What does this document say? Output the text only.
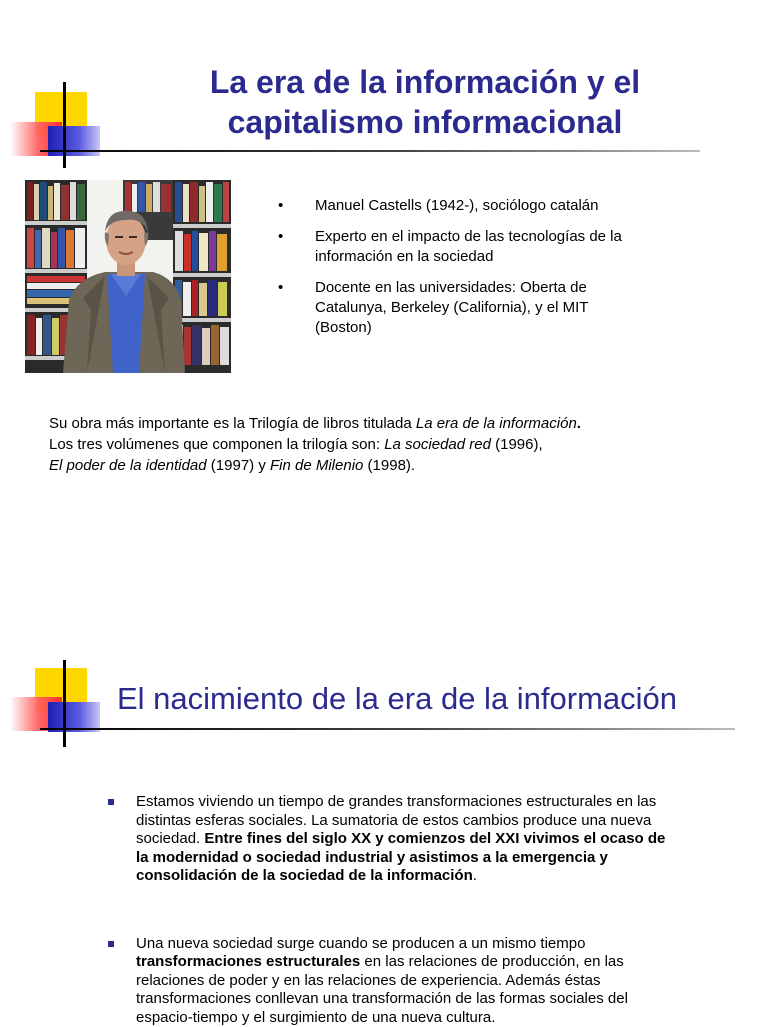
La era de la información y el
capitalismo informacional
• Manuel Castells (1942-), sociólogo catalán
• Experto en el impacto de las tecnologías de la
información en la sociedad
• Docente en las universidades: Oberta de
Catalunya, Berkeley (California), y el MIT
(Boston)
Su obra más importante es la Trilogía de libros titulada La era de la información.
Los tres volúmenes que componen la trilogía son: La sociedad red (1996),
El poder de la identidad (1997) y Fin de Milenio (1998).
El nacimiento de la era de la información
Estamos viviendo un tiempo de grandes transformaciones estructurales en las
distintas esferas sociales. La sumatoria de estos cambios produce una nueva
sociedad. Entre fines del siglo XX y comienzos del XXI vivimos el ocaso de
la modernidad o sociedad industrial y asistimos a la emergencia y
consolidación de la sociedad de la información.
Una nueva sociedad surge cuando se producen a un mismo tiempo
transformaciones estructurales en las relaciones de producción, en las
relaciones de poder y en las relaciones de experiencia. Además éstas
transformaciones conllevan una transformación de las formas sociales del
espacio-tiempo y el surgimiento de una nueva cultura.
